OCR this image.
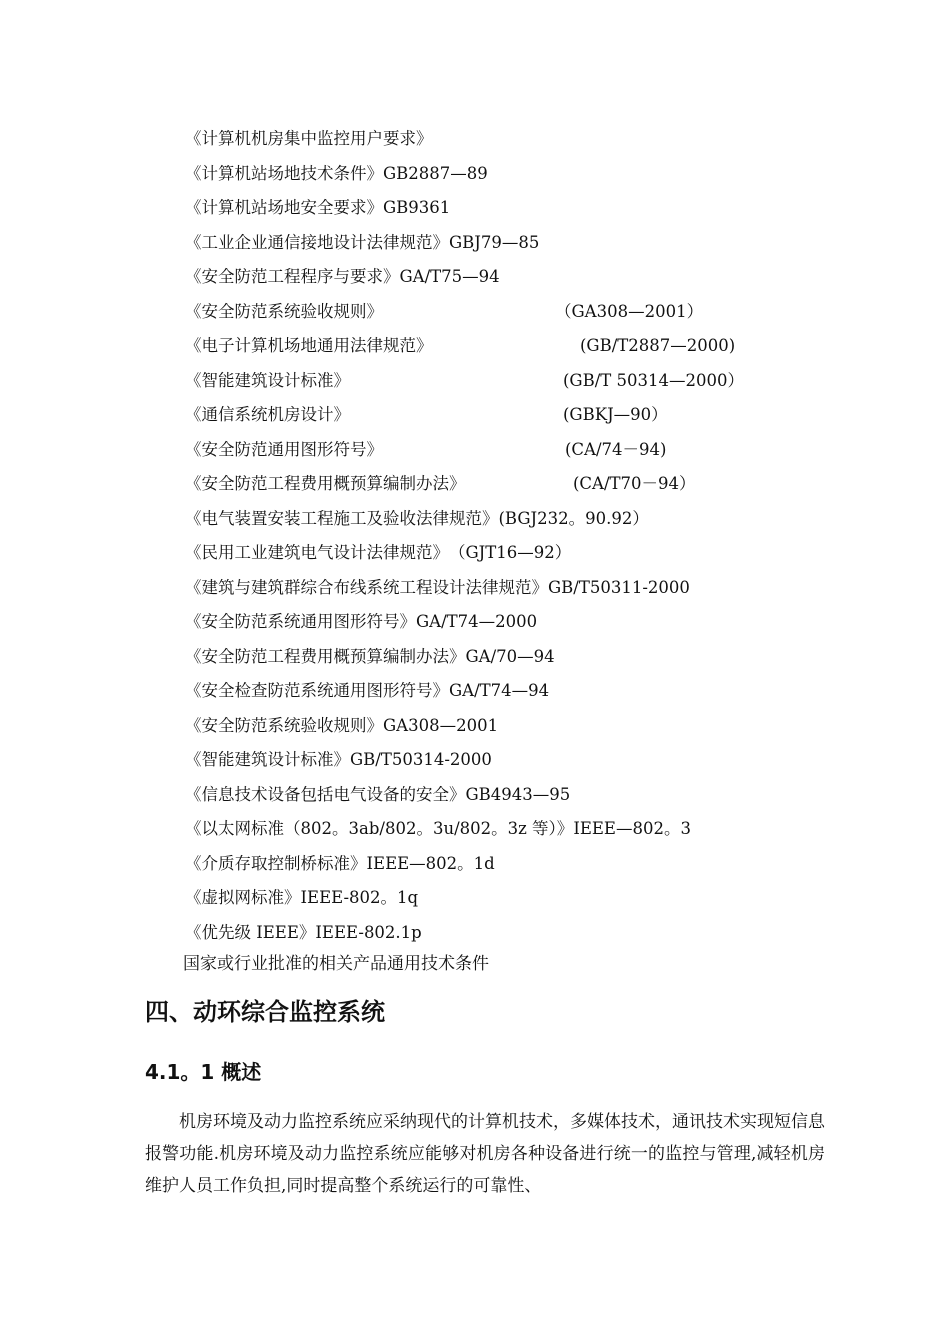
《计算机机房集中监控用户要求》
《计算机站场地技术条件》GB2887—89
《计算机站场地安全要求》GB9361
《工业企业通信接地设计法律规范》GBJ79—85
《安全防范工程程序与要求》GA/T75—94
《安全防范系统验收规则》	（GA308—2001）
《电子计算机场地通用法律规范》	(GB/T2887—2000)
《智能建筑设计标准》	(GB/T 50314—2000）
《通信系统机房设计》	(GBKJ—90）
《安全防范通用图形符号》	(CA/74－94)
《安全防范工程费用概预算编制办法》	(CA/T70－94）
《电气装置安装工程施工及验收法律规范》(BGJ232。90.92）
《民用工业建筑电气设计法律规范》（GJT16—92）
《建筑与建筑群综合布线系统工程设计法律规范》GB/T50311-2000
《安全防范系统通用图形符号》GA/T74—2000
《安全防范工程费用概预算编制办法》GA/70—94
《安全检查防范系统通用图形符号》GA/T74—94
《安全防范系统验收规则》GA308—2001
《智能建筑设计标准》GB/T50314-2000
《信息技术设备包括电气设备的安全》GB4943—95
《以太网标准（802。3ab/802。3u/802。3z 等）》IEEE—802。3
《介质存取控制桥标准》IEEE—802。1d
《虚拟网标准》IEEE-802。1q
《优先级 IEEE》IEEE-802.1p
国家或行业批准的相关产品通用技术条件
四、动环综合监控系统
4.1。1 概述
机房环境及动力监控系统应采纳现代的计算机技术，多媒体技术，通讯技术实现短信息报警功能.机房环境及动力监控系统应能够对机房各种设备进行统一的监控与管理,减轻机房维护人员工作负担,同时提高整个系统运行的可靠性、
